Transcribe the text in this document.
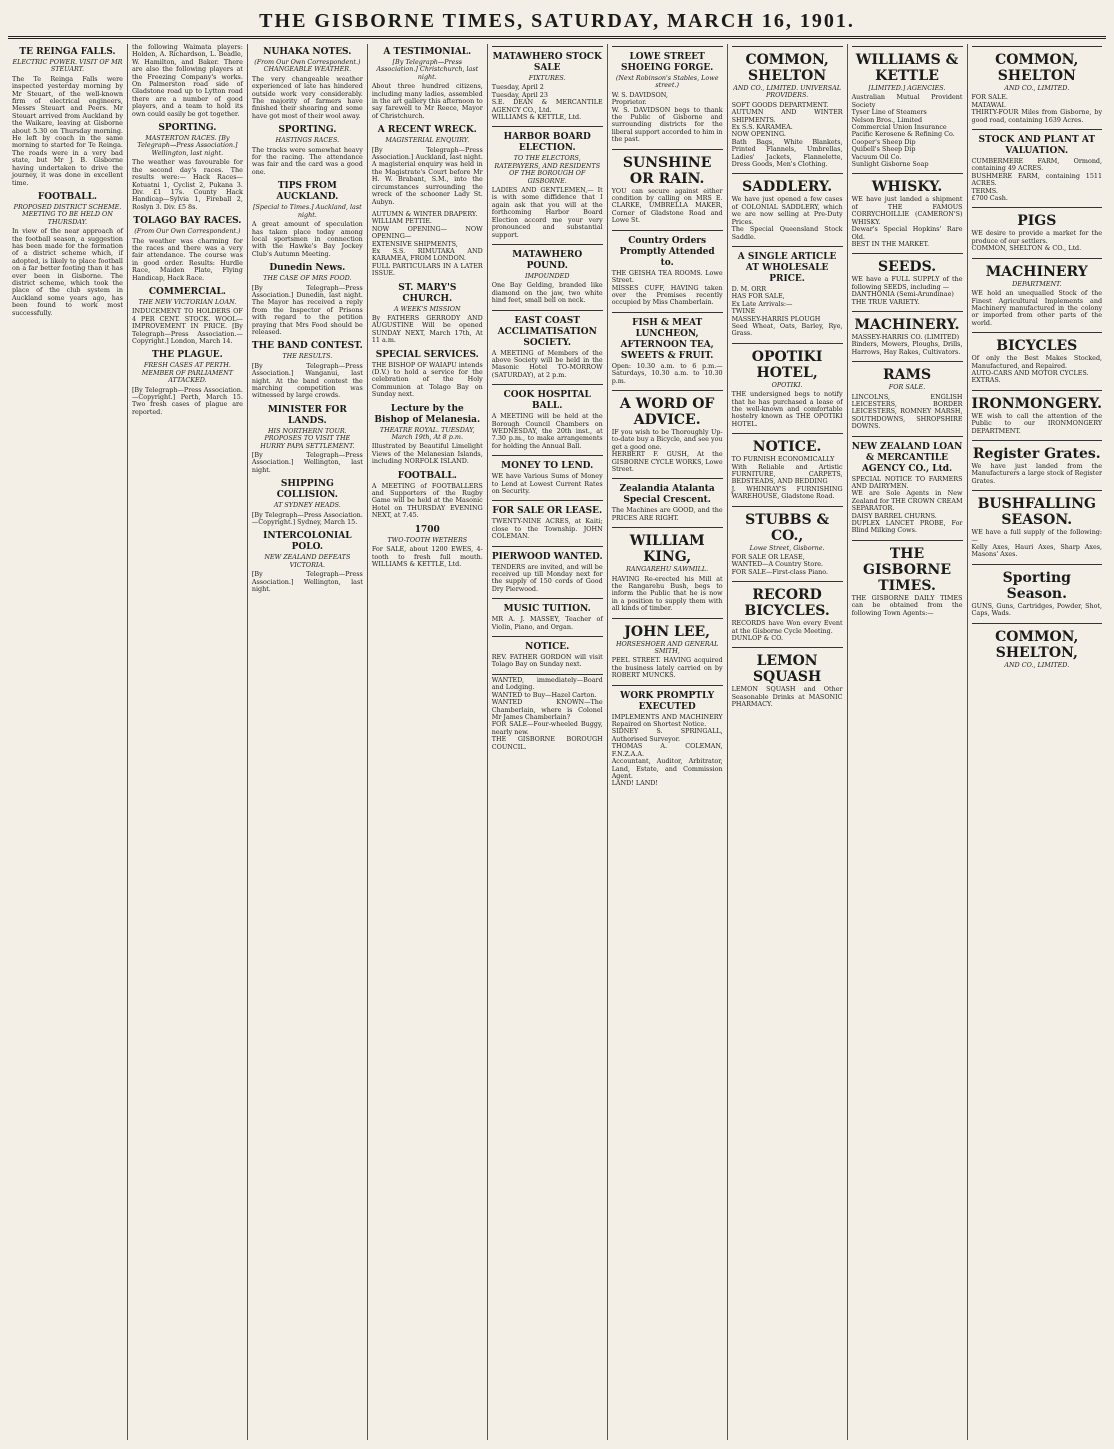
THE GISBORNE TIMES, SATURDAY, MARCH 16, 1901.
TE REINGA FALLS.
ELECTRIC POWER. VISIT OF MR STEUART.
The Te Reinga Falls were inspected yesterday morning by Mr Steuart, of the well-known firm of electrical engineers, Messrs Steuart and Peers. Mr Steuart arrived from Auckland by the Waikare, leaving at Gisborne about 5.30 on Thursday morning. He left by coach in the same morning to started for Te Reinga. The roads were in a very bad state, but Mr J. B. Gisborne having undertaken to drive the journey, it was done in excellent time.
FOOTBALL.
PROPOSED DISTRICT SCHEME. MEETING TO BE HELD ON THURSDAY.
In view of the near approach of the football season, a suggestion has been made for the formation of a district scheme which, if adopted, is likely to place football on a far better footing than it has ever been in Gisborne. The district scheme, which took the place of the club system in Auckland some years ago, has been found to work most successfully.
the following Waimata players: Holden, A. Richardson, L. Beadle, W. Hamilton, and Baker. There are also the following players at the Freezing Company's works. On Palmerston road side of Gladstone road up to Lytton road there are a number of good players, and a team to hold its own could easily be got together.
SPORTING.
MASTERTON RACES. [By Telegraph—Press Association.] Wellington, last night.
The weather was favourable for the second day's races. The results were:— Hack Races—Kotuatni 1, Cyclist 2, Pukana 3. Div. £1 17s. County Hack Handicap—Sylvia 1, Fireball 2, Roslyn 3. Div. £5 8s.
TOLAGO BAY RACES.
(From Our Own Correspondent.)
The weather was charming for the races and there was a very fair attendance. The course was in good order. Results: Hurdle Race, Maiden Plate, Flying Handicap, Hack Race.
COMMERCIAL.
THE NEW VICTORIAN LOAN.
INDUCEMENT TO HOLDERS OF 4 PER CENT. STOCK. WOOL—IMPROVEMENT IN PRICE. [By Telegraph—Press Association.—Copyright.] London, March 14.
THE PLAGUE.
FRESH CASES AT PERTH. MEMBER OF PARLIAMENT ATTACKED.
[By Telegraph—Press Association.—Copyright.] Perth, March 15. Two fresh cases of plague are reported.
NUHAKA NOTES.
(From Our Own Correspondent.) CHANGEABLE WEATHER.
The very changeable weather experienced of late has hindered outside work very considerably. The majority of farmers have finished their shearing and some have got most of their wool away.
SPORTING.
HASTINGS RACES.
The tracks were somewhat heavy for the racing. The attendance was fair and the card was a good one.
TIPS FROM AUCKLAND.
[Special to Times.] Auckland, last night.
A great amount of speculation has taken place today among local sportsmen in connection with the Hawke's Bay Jockey Club's Autumn Meeting.
Dunedin News.
THE CASE OF MRS FOOD.
[By Telegraph—Press Association.] Dunedin, last night. The Mayor has received a reply from the Inspector of Prisons with regard to the petition praying that Mrs Food should be released.
THE BAND CONTEST.
THE RESULTS.
[By Telegraph—Press Association.] Wanganui, last night. At the band contest the marching competition was witnessed by large crowds.
MINISTER FOR LANDS.
HIS NORTHERN TOUR. PROPOSES TO VISIT THE HURRY PAPA SETTLEMENT.
[By Telegraph—Press Association.] Wellington, last night.
SHIPPING COLLISION.
AT SYDNEY HEADS.
[By Telegraph—Press Association.—Copyright.] Sydney, March 15.
INTERCOLONIAL POLO.
NEW ZEALAND DEFEATS VICTORIA.
[By Telegraph—Press Association.] Wellington, last night.
A TESTIMONIAL.
[By Telegraph—Press Association.] Christchurch, last night.
About three hundred citizens, including many ladies, assembled in the art gallery this afternoon to say farewell to Mr Reece, Mayor of Christchurch.
A RECENT WRECK.
MAGISTERIAL ENQUIRY.
[By Telegraph—Press Association.] Auckland, last night. A magisterial enquiry was held in the Magistrate's Court before Mr H. W. Brabant, S.M., into the circumstances surrounding the wreck of the schooner Lady St. Aubyn.
AUTUMN & WINTER DRAPERY.
WILLIAM PETTIE.
NOW OPENING— NOW OPENING—
EXTENSIVE SHIPMENTS,
Ex S.S. RIMUTAKA AND KARAMEA, FROM LONDON.
FULL PARTICULARS IN A LATER ISSUE.
ST. MARY'S CHURCH.
A WEEK'S MISSION
By FATHERS GERRODY AND AUGUSTINE Will be opened SUNDAY NEXT, March 17th, At 11 a.m.
SPECIAL SERVICES.
THE BISHOP OF WAIAPU intends (D.V.) to hold a service for the celebration of the Holy Communion at Tolago Bay on Sunday next.
Lecture by the Bishop of Melanesia.
THEATRE ROYAL. TUESDAY, March 19th, At 8 p.m.
Illustrated by Beautiful Limelight Views of the Melanesian Islands, including NORFOLK ISLAND.
FOOTBALL.
A MEETING of FOOTBALLERS and Supporters of the Rugby Game will be held at the Masonic Hotel on THURSDAY EVENING NEXT, at 7.45.
1700
TWO-TOOTH WETHERS
For SALE, about 1200 EWES, 4-tooth to fresh full mouth. WILLIAMS & KETTLE, Ltd.
MATAWHERO STOCK SALE
FIXTURES.
Tuesday, April 2
Tuesday, April 23
S.E. DEAN & MERCANTILE AGENCY CO., Ltd.
WILLIAMS & KETTLE, Ltd.
HARBOR BOARD ELECTION.
TO THE ELECTORS, RATEPAYERS, AND RESIDENTS OF THE BOROUGH OF GISBORNE.
LADIES AND GENTLEMEN,— It is with some diffidence that I again ask that you will at the forthcoming Harbor Board Election accord me your very pronounced and substantial support.
MATAWHERO POUND.
IMPOUNDED
One Bay Gelding, branded like diamond on the jaw, two white hind feet, small bell on neck.
EAST COAST ACCLIMATISATION SOCIETY.
A MEETING of Members of the above Society will be held in the Masonic Hotel TO-MORROW (SATURDAY), at 2 p.m.
COOK HOSPITAL BALL.
A MEETING will be held at the Borough Council Chambers on WEDNESDAY, the 20th inst., at 7.30 p.m., to make arrangements for holding the Annual Ball.
MONEY TO LEND.
WE have Various Sums of Money to Lend at Lowest Current Rates on Security.
FOR SALE OR LEASE.
TWENTY-NINE ACRES, at Kaiti; close to the Township. JOHN COLEMAN.
PIERWOOD WANTED.
TENDERS are invited, and will be received up till Monday next for the supply of 150 cords of Good Dry Pierwood.
MUSIC TUITION.
MR A. J. MASSEY, Teacher of Violin, Piano, and Organ.
NOTICE.
REV. FATHER GORDON will visit Tolago Bay on Sunday next.
WANTED, immediately—Board and Lodging.
WANTED to Buy—Hazel Carton.
WANTED KNOWN—The Chamberlain, where is Colonel Mr James Chamberlain?
FOR SALE—Four-wheeled Buggy, nearly new.
THE GISBORNE BOROUGH COUNCIL.
LOWE STREET SHOEING FORGE.
(Next Robinson's Stables, Lowe street.)
W. S. DAVIDSON,
Proprietor.
W. S. DAVIDSON begs to thank the Public of Gisborne and surrounding districts for the liberal support accorded to him in the past.
SUNSHINE OR RAIN.
YOU can secure against either condition by calling on MRS E. CLARKE, UMBRELLA MAKER, Corner of Gladstone Road and Lowe St.
Country Orders Promptly Attended to.
THE GEISHA TEA ROOMS. Lowe Street.
MISSES CUFF, HAVING taken over the Premises recently occupied by Miss Chamberlain.
FISH & MEAT LUNCHEON, AFTERNOON TEA, SWEETS & FRUIT.
Open: 10.30 a.m. to 6 p.m.—Saturdays, 10.30 a.m. to 10.30 p.m.
A WORD OF ADVICE.
IF you wish to be Thoroughly Up-to-date buy a Bicycle, and see you get a good one.
HERBERT F. GUSH, At the GISBORNE CYCLE WORKS, Lowe Street.
Zealandia Atalanta Special Crescent.
The Machines are GOOD, and the PRICES ARE RIGHT.
WILLIAM KING,
RANGAREHU SAWMILL.
HAVING Re-erected his Mill at the Rangarehu Bush, begs to inform the Public that he is now in a position to supply them with all kinds of timber.
JOHN LEE,
HORSESHOER AND GENERAL SMITH,
PEEL STREET. HAVING acquired the business lately carried on by ROBERT MUNCKS.
WORK PROMPTLY EXECUTED
IMPLEMENTS AND MACHINERY Repaired on Shortest Notice.
SIDNEY S. SPRINGALL, Authorised Surveyor.
THOMAS A. COLEMAN, F.N.Z.A.A.
Accountant, Auditor, Arbitrator, Land, Estate, and Commission Agent.
LAND! LAND!
COMMON, SHELTON
AND CO., LIMITED. UNIVERSAL PROVIDERS.
SOFT GOODS DEPARTMENT.
AUTUMN AND WINTER SHIPMENTS.
Ex S.S. KARAMEA.
NOW OPENING.
Bath Bags, White Blankets, Printed Flannels, Umbrellas, Ladies' Jackets, Flannelette, Dress Goods, Men's Clothing.
SADDLERY.
We have just opened a few cases of COLONIAL SADDLERY, which we are now selling at Pre-Duty Prices.
The Special Queensland Stock Saddle.
A SINGLE ARTICLE AT WHOLESALE PRICE.
D. M. ORR
HAS FOR SALE,
Ex Late Arrivals:—
TWINE
MASSEY-HARRIS PLOUGH
Seed Wheat, Oats, Barley, Rye, Grass.
OPOTIKI HOTEL,
OPOTIKI.
THE undersigned begs to notify that he has purchased a lease of the well-known and comfortable hostelry known as THE OPOTIKI HOTEL.
NOTICE.
TO FURNISH ECONOMICALLY
With Reliable and Artistic FURNITURE, CARPETS, BEDSTEADS, AND BEDDING
J. WHINRAY'S FURNISHING WAREHOUSE, Gladstone Road.
STUBBS & CO.,
Lowe Street, Gisborne.
FOR SALE OR LEASE,
WANTED—A Country Store.
FOR SALE—First-class Piano.
RECORD BICYCLES.
RECORDS have Won every Event at the Gisborne Cycle Meeting.
DUNLOP & CO.
LEMON SQUASH
LEMON SQUASH and Other Seasonable Drinks at MASONIC PHARMACY.
WILLIAMS & KETTLE
[LIMITED.] AGENCIES.
Australian Mutual Provident Society
Tyser Line of Steamers
Nelson Bros., Limited
Commercial Union Insurance
Pacific Kerosene & Refining Co.
Cooper's Sheep Dip
Quibell's Sheep Dip
Vacuum Oil Co.
Sunlight Gisborne Soap
WHISKY.
WE have just landed a shipment of THE FAMOUS CORRYCHOILLIE (CAMERON'S) WHISKY.
Dewar's Special Hopkins' Rare Old.
BEST IN THE MARKET.
SEEDS.
WE have a FULL SUPPLY of the following SEEDS, including —
DANTHONIA (Semi-Arundinae)
THE TRUE VARIETY.
MACHINERY.
MASSEY-HARRIS CO. (LIMITED)
Binders, Mowers, Ploughs, Drills, Harrows, Hay Rakes, Cultivators.
RAMS
FOR SALE.
LINCOLNS, ENGLISH LEICESTERS, BORDER LEICESTERS, ROMNEY MARSH, SOUTHDOWNS, SHROPSHIRE DOWNS.
NEW ZEALAND LOAN & MERCANTILE AGENCY CO., Ltd.
SPECIAL NOTICE TO FARMERS AND DAIRYMEN.
WE are Sole Agents in New Zealand for THE CROWN CREAM SEPARATOR.
DAISY BARREL CHURNS.
DUPLEX LANCET PROBE, For Blind Milking Cows.
THE GISBORNE TIMES.
THE GISBORNE DAILY TIMES can be obtained from the following Town Agents:—
COMMON, SHELTON
AND CO., LIMITED.
FOR SALE.
MATAWAI.
THIRTY-FOUR Miles from Gisborne, by good road, containing 1639 Acres.
STOCK AND PLANT AT VALUATION.
CUMBERMERE FARM, Ormond, containing 49 ACRES.
BUSHMERE FARM, containing 1511 ACRES.
TERMS.
£700 Cash.
PIGS
WE desire to provide a market for the produce of our settlers.
COMMON, SHELTON & CO., Ltd.
MACHINERY
DEPARTMENT.
WE hold an unequalled Stock of the Finest Agricultural Implements and Machinery manufactured in the colony or imported from other parts of the world.
BICYCLES
Of only the Best Makes Stocked, Manufactured, and Repaired.
AUTO-CARS AND MOTOR CYCLES.
EXTRAS.
IRONMONGERY.
WE wish to call the attention of the Public to our IRONMONGERY DEPARTMENT.
Register Grates.
We have just landed from the Manufacturers a large stock of Register Grates.
BUSHFALLING SEASON.
WE have a full supply of the following:—
Kelly Axes, Hauri Axes, Sharp Axes, Masons' Axes.
Sporting Season.
GUNS, Guns, Cartridges, Powder, Shot, Caps, Wads.
COMMON, SHELTON,
AND CO., LIMITED.
